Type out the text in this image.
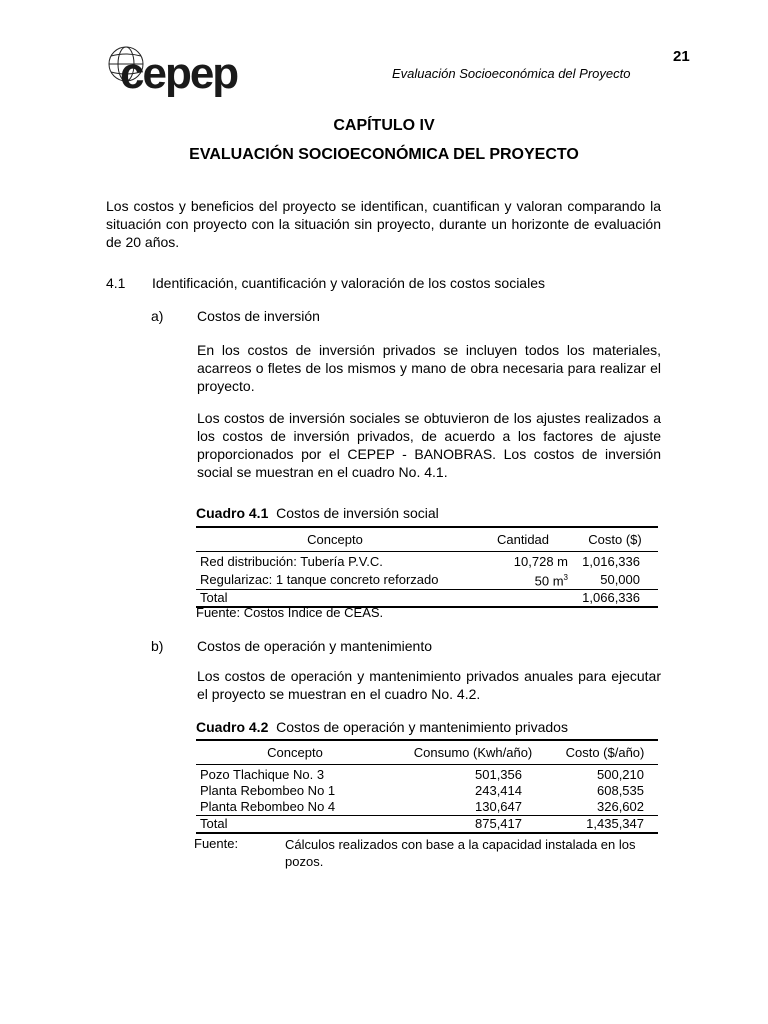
cepep	21
Evaluación Socioeconómica del Proyecto
CAPÍTULO IV
EVALUACIÓN SOCIOECONÓMICA DEL PROYECTO
Los costos y beneficios del proyecto se identifican, cuantifican y valoran comparando la situación con proyecto con la situación sin proyecto, durante un horizonte de evaluación de 20 años.
4.1 Identificación, cuantificación y valoración de los costos sociales
a) Costos de inversión
En los costos de inversión privados se incluyen todos los materiales, acarreos o fletes de los mismos y mano de obra necesaria para realizar el proyecto.
Los costos de inversión sociales se obtuvieron de los ajustes realizados a los costos de inversión privados, de acuerdo a los factores de ajuste proporcionados por el CEPEP - BANOBRAS. Los costos de inversión social se muestran en el cuadro No. 4.1.
Cuadro 4.1 Costos de inversión social
Concepto	Cantidad	Costo ($)
Red distribución: Tubería P.V.C.	10,728 m	1,016,336
Regularizac: 1 tanque concreto reforzado	50 $m^3$	50,000
Total		1,066,336
Fuente: Costos Indice de CEAS.
b) Costos de operación y mantenimiento
Los costos de operación y mantenimiento privados anuales para ejecutar el proyecto se muestran en el cuadro No. 4.2.
Cuadro 4.2 Costos de operación y mantenimiento privados
Concepto	Consumo (Kwh/año)	Costo ($/año)
Pozo Tlachique No. 3	501,356	500,210
Planta Rebombeo No 1	243,414	608,535
Planta Rebombeo No 4	130,647	326,602
Total	875,417	1,435,347
Fuente:	Cálculos realizados con base a la capacidad instalada en los pozos.
